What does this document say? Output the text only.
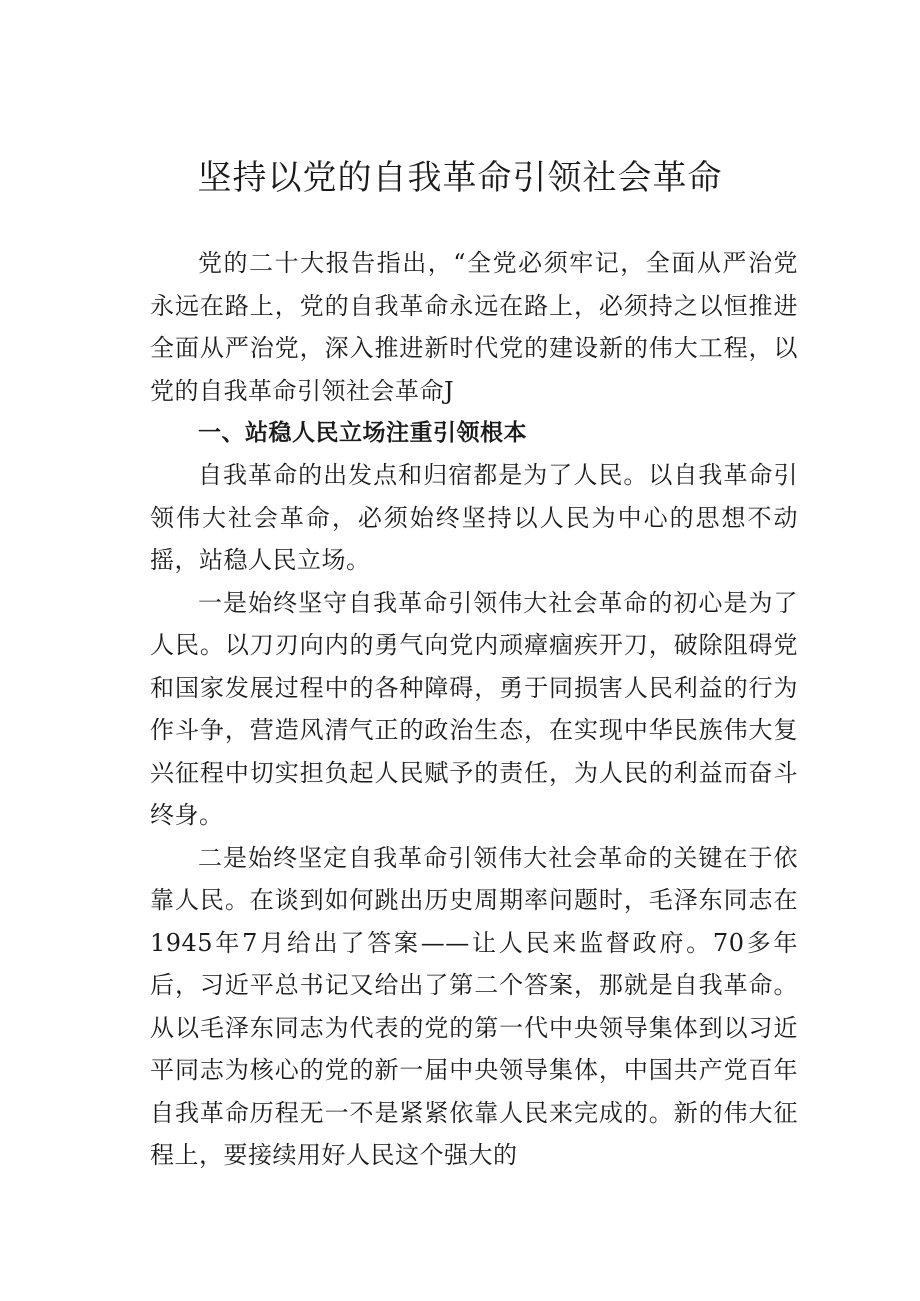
坚持以党的自我革命引领社会革命

党的二十大报告指出，“全党必须牢记，全面从严治党永远在路上，党的自我革命永远在路上，必须持之以恒推进全面从严治党，深入推进新时代党的建设新的伟大工程，以党的自我革命引领社会革命J

一、站稳人民立场注重引领根本

自我革命的出发点和归宿都是为了人民。以自我革命引领伟大社会革命，必须始终坚持以人民为中心的思想不动摇，站稳人民立场。

一是始终坚守自我革命引领伟大社会革命的初心是为了人民。以刀刃向内的勇气向党内顽瘴痼疾开刀，破除阻碍党和国家发展过程中的各种障碍，勇于同损害人民利益的行为作斗争，营造风清气正的政治生态，在实现中华民族伟大复兴征程中切实担负起人民赋予的责任，为人民的利益而奋斗终身。

二是始终坚定自我革命引领伟大社会革命的关键在于依靠人民。在谈到如何跳出历史周期率问题时，毛泽东同志在1945年7月给出了答案——让人民来监督政府。70多年后，习近平总书记又给出了第二个答案，那就是自我革命。从以毛泽东同志为代表的党的第一代中央领导集体到以习近平同志为核心的党的新一届中央领导集体，中国共产党百年自我革命历程无一不是紧紧依靠人民来完成的。新的伟大征程上，要接续用好人民这个强大的
